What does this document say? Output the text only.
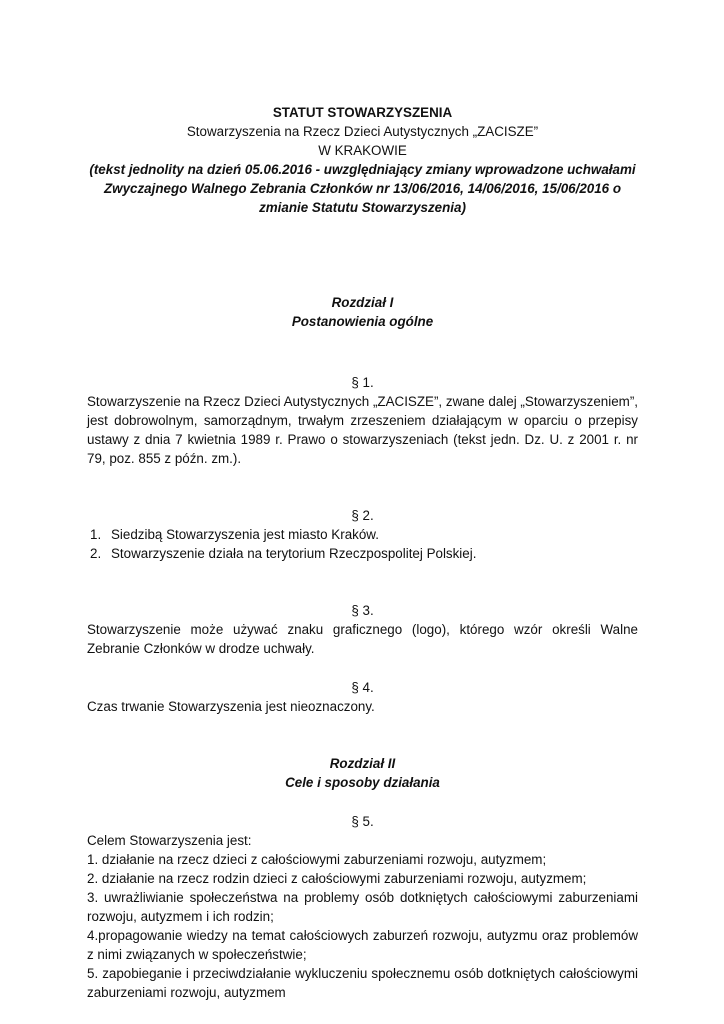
STATUT STOWARZYSZENIA

Stowarzyszenia na Rzecz Dzieci Autystycznych „ZACISZE”

W KRAKOWIE

(tekst jednolity na dzień 05.06.2016 - uwzględniający zmiany wprowadzone uchwałami Zwyczajnego Walnego Zebrania Członków nr 13/06/2016, 14/06/2016, 15/06/2016 o zmianie Statutu Stowarzyszenia)

Rozdział I

Postanowienia ogólne

§ 1.

Stowarzyszenie na Rzecz Dzieci Autystycznych „ZACISZE”, zwane dalej „Stowarzyszeniem”, jest dobrowolnym, samorządnym, trwałym zrzeszeniem działającym w oparciu o przepisy ustawy z dnia 7 kwietnia 1989 r. Prawo o stowarzyszeniach (tekst jedn. Dz. U. z 2001 r. nr 79, poz. 855 z późn. zm.).

§ 2.

1. Siedzibą Stowarzyszenia jest miasto Kraków.
2. Stowarzyszenie działa na terytorium Rzeczpospolitej Polskiej.

§ 3.

Stowarzyszenie może używać znaku graficznego (logo), którego wzór określi Walne Zebranie Członków w drodze uchwały.

§ 4.

Czas trwanie Stowarzyszenia jest nieoznaczony.

Rozdział II

Cele i sposoby działania

§ 5.

Celem Stowarzyszenia jest:

1. działanie na rzecz dzieci z całościowymi zaburzeniami rozwoju, autyzmem;

2. działanie na rzecz rodzin dzieci z całościowymi zaburzeniami rozwoju, autyzmem;

3. uwrażliwianie społeczeństwa na problemy osób dotkniętych całościowymi zaburzeniami rozwoju, autyzmem i ich rodzin;

4.propagowanie wiedzy na temat całościowych zaburzeń rozwoju, autyzmu oraz problemów z nimi związanych w społeczeństwie;

5. zapobieganie i przeciwdziałanie wykluczeniu społecznemu osób dotkniętych całościowymi zaburzeniami rozwoju, autyzmem
